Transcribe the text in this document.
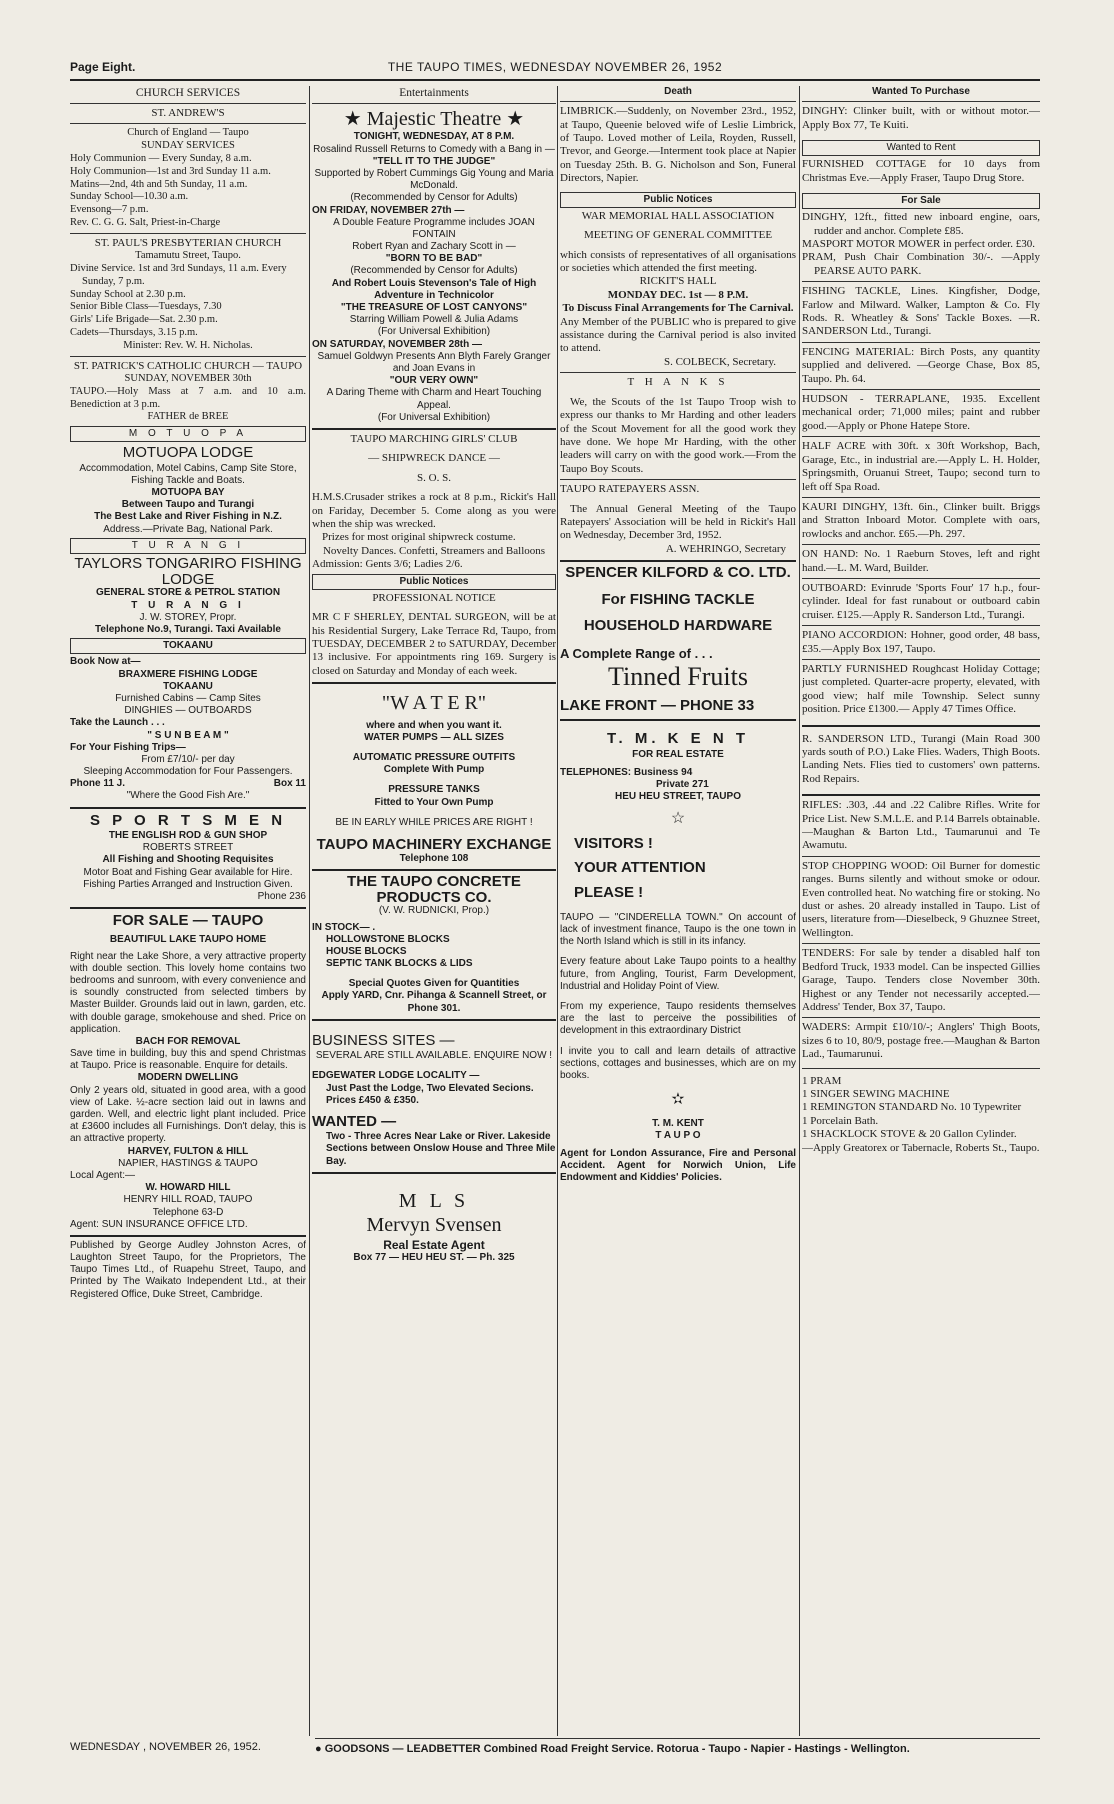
Page Eight.	THE TAUPO TIMES, WEDNESDAY NOVEMBER 26, 1952
CHURCH SERVICES
ST. ANDREW'S

Church of England — Taupo

SUNDAY SERVICES

Holy Communion — Every Sunday, 8 a.m.

Holy Communion—1st and 3rd Sunday 11 a.m.

Matins—2nd, 4th and 5th Sunday, 11 a.m.

Sunday School—10.30 a.m.

Evensong—7 p.m.

Rev. C. G. G. Salt, Priest-in-Charge

ST. PAUL'S PRESBYTERIAN CHURCH

Tamamutu Street, Taupo.

Divine Service. 1st and 3rd Sundays, 11 a.m. Every Sunday, 7 p.m.

Sunday School at 2.30 p.m.

Senior Bible Class—Tuesdays, 7.30

Girls' Life Brigade—Sat. 2.30 p.m.

Cadets—Thursdays, 3.15 p.m.

Minister: Rev. W. H. Nicholas.

ST. PATRICK'S CATHOLIC CHURCH — TAUPO

SUNDAY, NOVEMBER 30th

TAUPO.—Holy Mass at 7 a.m. and 10 a.m. Benediction at 3 p.m.

FATHER de BREE

M O T U O P A

MOTUOPA LODGE

Accommodation, Motel Cabins, Camp Site Store, Fishing Tackle and Boats.

MOTUOPA BAY

Between Taupo and Turangi

The Best Lake and River Fishing in N.Z.

Address.—Private Bag, National Park.

T U R A N G I

TAYLORS TONGARIRO FISHING LODGE

GENERAL STORE & PETROL STATION

T U R A N G I

J. W. STOREY, Propr.

Telephone No.9, Turangi. Taxi Available

TOKAANU

Book Now at—

BRAXMERE FISHING LODGE

TOKAANU

Furnished Cabins — Camp Sites

DINGHIES — OUTBOARDS

Take the Launch . . .

" S U N B E A M "

For Your Fishing Trips—

From £7/10/- per day

Sleeping Accommodation for Four Passengers.

Phone 11 J.	Box 11

"Where the Good Fish Are."

S P O R T S M E N

THE ENGLISH ROD & GUN SHOP

ROBERTS STREET

All Fishing and Shooting Requisites

Motor Boat and Fishing Gear available for Hire. Fishing Parties Arranged and Instruction Given.

Phone 236

FOR SALE — TAUPO

BEAUTIFUL LAKE TAUPO HOME

Right near the Lake Shore, a very attractive property with double section. This lovely home contains two bedrooms and sunroom, with every convenience and is soundly constructed from selected timbers by Master Builder. Grounds laid out in lawn, garden, etc. with double garage, smokehouse and shed. Price on application.

BACH FOR REMOVAL

Save time in building, buy this and spend Christmas at Taupo. Price is reasonable. Enquire for details.

MODERN DWELLING

Only 2 years old, situated in good area, with a good view of Lake. ½-acre section laid out in lawns and garden. Well, and electric light plant included. Price at £3600 includes all Furnishings. Don't delay, this is an attractive property.

HARVEY, FULTON & HILL

NAPIER, HASTINGS & TAUPO

Local Agent:—

W. HOWARD HILL

HENRY HILL ROAD, TAUPO

Telephone 63-D

Agent: SUN INSURANCE OFFICE LTD.

Published by George Audley Johnston Acres, of Laughton Street Taupo, for the Proprietors, The Taupo Times Ltd., of Ruapehu Street, Taupo, and Printed by The Waikato Independent Ltd., at their Registered Office, Duke Street, Cambridge.
WEDNESDAY , NOVEMBER 26, 1952.
Entertainments

★ Majestic Theatre ★

TONIGHT, WEDNESDAY, AT 8 P.M.

Rosalind Russell Returns to Comedy with a Bang in —

"TELL IT TO THE JUDGE"

Supported by Robert Cummings Gig Young and Maria McDonald.

(Recommended by Censor for Adults)

ON FRIDAY, NOVEMBER 27th —

A Double Feature Programme includes JOAN FONTAIN

Robert Ryan and Zachary Scott in —

"BORN TO BE BAD"

(Recommended by Censor for Adults)

And Robert Louis Stevenson's Tale of High Adventure in Technicolor

"THE TREASURE OF LOST CANYONS"

Starring William Powell & Julia Adams

(For Universal Exhibition)

ON SATURDAY, NOVEMBER 28th —

Samuel Goldwyn Presents Ann Blyth Farely Granger and Joan Evans in

"OUR VERY OWN"

A Daring Theme with Charm and Heart Touching Appeal.

(For Universal Exhibition)

TAUPO MARCHING GIRLS' CLUB

— SHIPWRECK DANCE —

S. O. S.

H.M.S.Crusader strikes a rock at 8 p.m., Rickit's Hall on Fariday, December 5. Come along as you were when the ship was wrecked.

Prizes for most original shipwreck costume.

Novelty Dances. Confetti, Streamers and Balloons

Admission: Gents 3/6; Ladies 2/6.

Public Notices

PROFESSIONAL NOTICE

MR C F SHERLEY, DENTAL SURGEON, will be at his Residential Surgery, Lake Terrace Rd, Taupo, from TUESDAY, DECEMBER 2 to SATURDAY, December 13 inclusive. For appointments ring 169. Surgery is closed on Saturday and Monday of each week.

"W A T E R"

where and when you want it.

WATER PUMPS — ALL SIZES

AUTOMATIC PRESSURE OUTFITS

Complete With Pump

PRESSURE TANKS

Fitted to Your Own Pump

BE IN EARLY WHILE PRICES ARE RIGHT !

TAUPO MACHINERY EXCHANGE

Telephone 108

THE TAUPO CONCRETE PRODUCTS CO.

(V. W. RUDNICKI, Prop.)

IN STOCK— .

HOLLOWSTONE BLOCKS

HOUSE BLOCKS

SEPTIC TANK BLOCKS & LIDS

Special Quotes Given for Quantities

Apply YARD, Cnr. Pihanga & Scannell Street, or Phone 301.

BUSINESS SITES —

SEVERAL ARE STILL AVAILABLE. ENQUIRE NOW !

EDGEWATER LODGE LOCALITY —

Just Past the Lodge, Two Elevated Secions. Prices £450 & £350.

WANTED —

Two - Three Acres Near Lake or River. Lakeside Sections between Onslow House and Three Mile Bay.

M L S

Mervyn Svensen

Real Estate Agent

Box 77 — HEU HEU ST. — Ph. 325

Death
LIMBRICK.—Suddenly, on November 23rd., 1952, at Taupo, Queenie beloved wife of Leslie Limbrick, of Taupo. Loved mother of Leila, Royden, Russell, Trevor, and George.—Interment took place at Napier on Tuesday 25th. B. G. Nicholson and Son, Funeral Directors, Napier.
Public Notices

WAR MEMORIAL HALL ASSOCIATION

MEETING OF GENERAL COMMITTEE

which consists of representatives of all organisations or societies which attended the first meeting.

RICKIT'S HALL

MONDAY DEC. 1st — 8 P.M.

To Discuss Final Arrangements for The Carnival.

Any Member of the PUBLIC who is prepared to give assistance during the Carnival period is also invited to attend.

S. COLBECK, Secretary.

T H A N K S

We, the Scouts of the 1st Taupo Troop wish to express our thanks to Mr Harding and other leaders of the Scout Movement for all the good work they have done. We hope Mr Harding, with the other leaders will carry on with the good work.—From the Taupo Boy Scouts.

TAUPO RATEPAYERS ASSN.

The Annual General Meeting of the Taupo Ratepayers' Association will be held in Rickit's Hall on Wednesday, December 3rd, 1952.

A. WEHRINGO, Secretary

SPENCER KILFORD & CO. LTD.

For FISHING TACKLE

HOUSEHOLD HARDWARE

A Complete Range of . . .

Tinned Fruits

LAKE FRONT — PHONE 33

T. M. K E N T

FOR REAL ESTATE

TELEPHONES: Business 94

Private 271

HEU HEU STREET, TAUPO

☆

VISITORS !

YOUR ATTENTION

PLEASE !

TAUPO — "CINDERELLA TOWN." On account of lack of investment finance, Taupo is the one town in the North Island which is still in its infancy.

Every feature about Lake Taupo points to a healthy future, from Angling, Tourist, Farm Development, Industrial and Holiday Point of View.

From my experience, Taupo residents themselves are the last to perceive the possibilities of development in this extraordinary District

I invite you to call and learn details of attractive sections, cottages and businesses, which are on my books.

✫

T. M. KENT

T A U P O

Agent for London Assurance, Fire and Personal Accident. Agent for Norwich Union, Life Endowment and Kiddies' Policies.

Wanted To Purchase
DINGHY: Clinker built, with or without motor.—Apply Box 77, Te Kuiti.
Wanted to Rent
FURNISHED COTTAGE for 10 days from Christmas Eve.—Apply Fraser, Taupo Drug Store.
For Sale

DINGHY, 12ft., fitted new inboard engine, oars, rudder and anchor. Complete £85.

MASPORT MOTOR MOWER in perfect order. £30.

PRAM, Push Chair Combination 30/-. —Apply PEARSE AUTO PARK.

FISHING TACKLE, Lines. Kingfisher, Dodge, Farlow and Milward. Walker, Lampton & Co. Fly Rods. R. Wheatley & Sons' Tackle Boxes. —R. SANDERSON Ltd., Turangi.

FENCING MATERIAL: Birch Posts, any quantity supplied and delivered. —George Chase, Box 85, Taupo. Ph. 64.

HUDSON - TERRAPLANE, 1935. Excellent mechanical order; 71,000 miles; paint and rubber good.—Apply or Phone Hatepe Store.

HALF ACRE with 30ft. x 30ft Workshop, Bach, Garage, Etc., in industrial are.—Apply L. H. Holder, Springsmith, Oruanui Street, Taupo; second turn to left off Spa Road.

KAURI DINGHY, 13ft. 6in., Clinker built. Briggs and Stratton Inboard Motor. Complete with oars, rowlocks and anchor. £65.—Ph. 297.

ON HAND: No. 1 Raeburn Stoves, left and right hand.—L. M. Ward, Builder.

OUTBOARD: Evinrude 'Sports Four' 17 h.p., four-cylinder. Ideal for fast runabout or outboard cabin cruiser. £125.—Apply R. Sanderson Ltd., Turangi.

PIANO ACCORDION: Hohner, good order, 48 bass, £35.—Apply Box 197, Taupo.

PARTLY FURNISHED Roughcast Holiday Cottage; just completed. Quarter-acre property, elevated, with good view; half mile Township. Select sunny position. Price £1300.— Apply 47 Times Office.

R. SANDERSON LTD., Turangi (Main Road 300 yards south of P.O.) Lake Flies. Waders, Thigh Boots. Landing Nets. Flies tied to customers' own patterns. Rod Repairs.

RIFLES: .303, .44 and .22 Calibre Rifles. Write for Price List. New S.M.L.E. and P.14 Barrels obtainable.—Maughan & Barton Ltd., Taumarunui and Te Awamutu.

STOP CHOPPING WOOD: Oil Burner for domestic ranges. Burns silently and without smoke or odour. Even controlled heat. No watching fire or stoking. No dust or ashes. 20 already installed in Taupo. List of users, literature from—Dieselbeck, 9 Ghuznee Street, Wellington.

TENDERS: For sale by tender a disabled half ton Bedford Truck, 1933 model. Can be inspected Gillies Garage, Taupo. Tenders close November 30th. Highest or any Tender not necessarily accepted.—Address' Tender, Box 37, Taupo.

WADERS: Armpit £10/10/-; Anglers' Thigh Boots, sizes 6 to 10, 80/9, postage free.—Maughan & Barton Lad., Taumarunui.

1 PRAM

1 SINGER SEWING MACHINE

1 REMINGTON STANDARD No. 10 Typewriter

1 Porcelain Bath.

1 SHACKLOCK STOVE & 20 Gallon Cylinder.

—Apply Greatorex or Tabernacle, Roberts St., Taupo.

● GOODSONS — LEADBETTER Combined Road Freight Service. Rotorua - Taupo - Napier - Hastings - Wellington.
